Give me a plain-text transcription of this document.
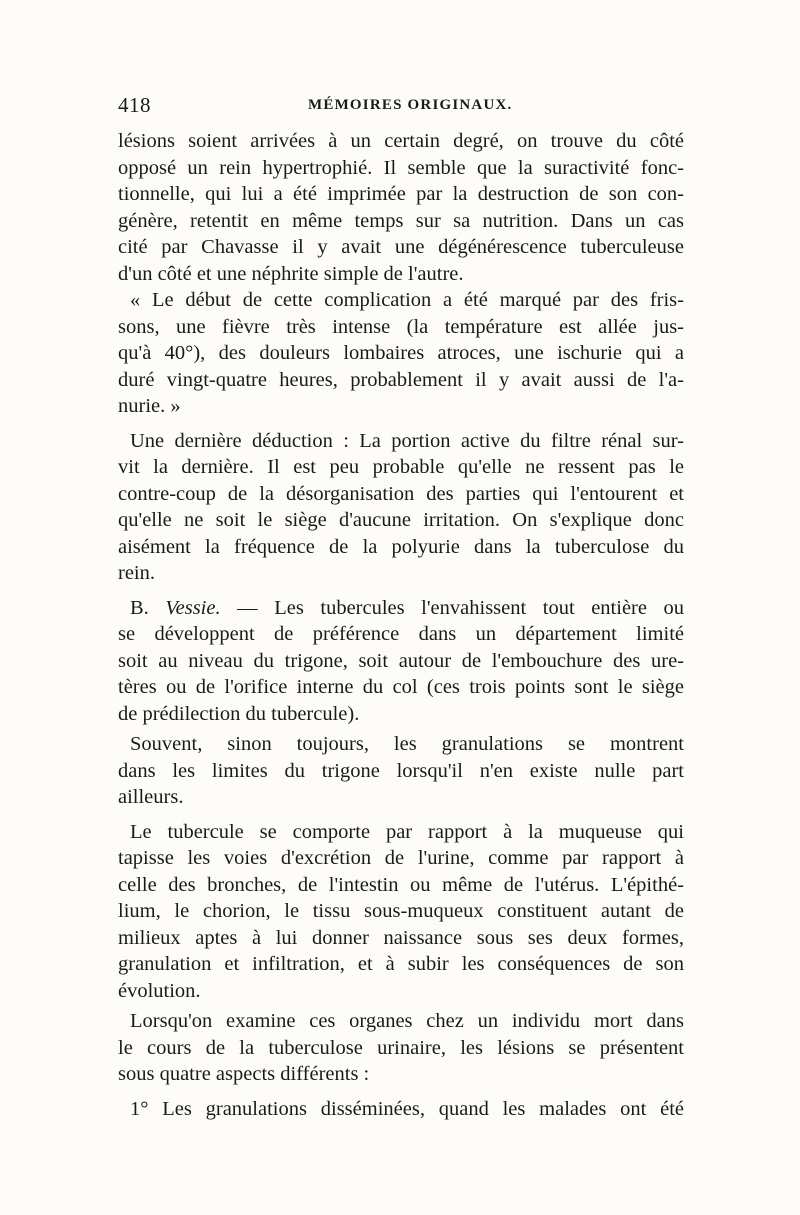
418	MÉMOIRES ORIGINAUX.
lésions soient arrivées à un certain degré, on trouve du côté
opposé un rein hypertrophié. Il semble que la suractivité fonc-
tionnelle, qui lui a été imprimée par la destruction de son con-
génère, retentit en même temps sur sa nutrition. Dans un cas
cité par Chavasse il y avait une dégénérescence tuberculeuse
d'un côté et une néphrite simple de l'autre.
« Le début de cette complication a été marqué par des fris-
sons, une fièvre très intense (la température est allée jus-
qu'à 40°), des douleurs lombaires atroces, une ischurie qui a
duré vingt-quatre heures, probablement il y avait aussi de l'a-
nurie. »
Une dernière déduction : La portion active du filtre rénal sur-
vit la dernière. Il est peu probable qu'elle ne ressent pas le
contre-coup de la désorganisation des parties qui l'entourent et
qu'elle ne soit le siège d'aucune irritation. On s'explique donc
aisément la fréquence de la polyurie dans la tuberculose du
rein.
B. Vessie. — Les tubercules l'envahissent tout entière ou
se développent de préférence dans un département limité
soit au niveau du trigone, soit autour de l'embouchure des ure-
tères ou de l'orifice interne du col (ces trois points sont le siège
de prédilection du tubercule).
Souvent, sinon toujours, les granulations se montrent
dans les limites du trigone lorsqu'il n'en existe nulle part
ailleurs.
Le tubercule se comporte par rapport à la muqueuse qui
tapisse les voies d'excrétion de l'urine, comme par rapport à
celle des bronches, de l'intestin ou même de l'utérus. L'épithé-
lium, le chorion, le tissu sous-muqueux constituent autant de
milieux aptes à lui donner naissance sous ses deux formes,
granulation et infiltration, et à subir les conséquences de son
évolution.
Lorsqu'on examine ces organes chez un individu mort dans
le cours de la tuberculose urinaire, les lésions se présentent
sous quatre aspects différents :
1° Les granulations disséminées, quand les malades ont été
